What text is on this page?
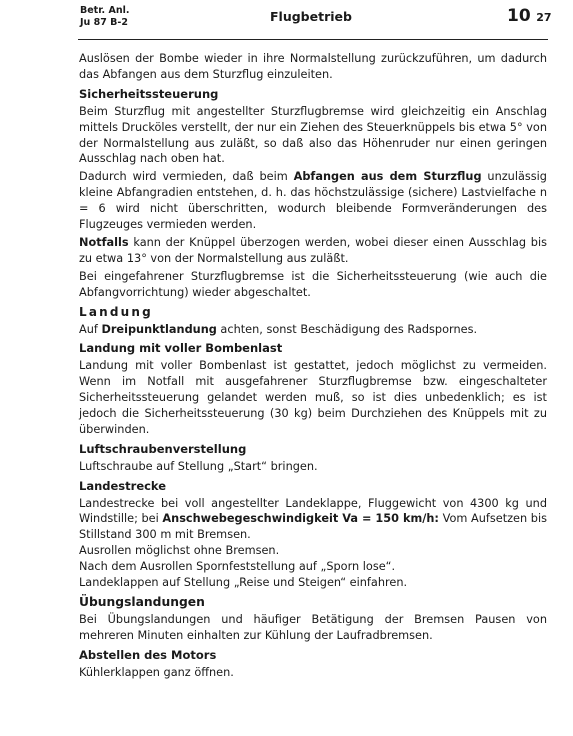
Betr. Anl.
Ju 87 B-2	Flugbetrieb	10 27

Auslösen der Bombe wieder in ihre Normalstellung zurückzuführen, um dadurch das Abfangen aus dem Sturzflug einzuleiten.

Sicherheitssteuerung

Beim Sturzflug mit angestellter Sturzflugbremse wird gleichzeitig ein Anschlag mittels Drucköles verstellt, der nur ein Ziehen des Steuerknüppels bis etwa 5° von der Normalstellung aus zuläßt, so daß also das Höhenruder nur einen geringen Ausschlag nach oben hat.

Dadurch wird vermieden, daß beim Abfangen aus dem Sturzflug unzulässig kleine Abfangradien entstehen, d. h. das höchstzulässige (sichere) Lastvielfache n = 6 wird nicht überschritten, wodurch bleibende Formveränderungen des Flugzeuges vermieden werden.

Notfalls kann der Knüppel überzogen werden, wobei dieser einen Ausschlag bis zu etwa 13° von der Normalstellung aus zuläßt.

Bei eingefahrener Sturzflugbremse ist die Sicherheitssteuerung (wie auch die Abfangvorrichtung) wieder abgeschaltet.

Landung

Auf Dreipunktlandung achten, sonst Beschädigung des Radspornes.

Landung mit voller Bombenlast

Landung mit voller Bombenlast ist gestattet, jedoch möglichst zu vermeiden. Wenn im Notfall mit ausgefahrener Sturzflugbremse bzw. eingeschalteter Sicherheitssteuerung gelandet werden muß, so ist dies unbedenklich; es ist jedoch die Sicherheitssteuerung (30 kg) beim Durchziehen des Knüppels mit zu überwinden.

Luftschraubenverstellung

Luftschraube auf Stellung „Start“ bringen.

Landestrecke

Landestrecke bei voll angestellter Landeklappe, Fluggewicht von 4300 kg und Windstille; bei Anschwebegeschwindigkeit Va = 150 km/h: Vom Aufsetzen bis Stillstand 300 m mit Bremsen.

Ausrollen möglichst ohne Bremsen.

Nach dem Ausrollen Spornfeststellung auf „Sporn lose“.

Landeklappen auf Stellung „Reise und Steigen“ einfahren.

Übungslandungen

Bei Übungslandungen und häufiger Betätigung der Bremsen Pausen von mehreren Minuten einhalten zur Kühlung der Laufradbremsen.

Abstellen des Motors

Kühlerklappen ganz öffnen.
